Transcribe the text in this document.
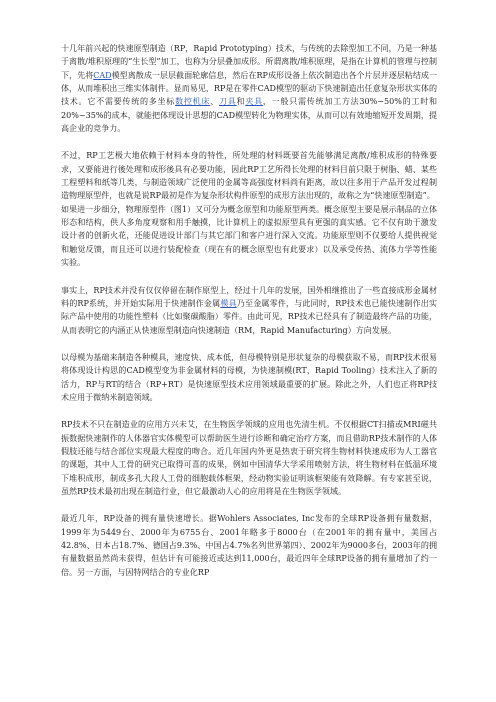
十几年前兴起的快速原型制造（RP，Rapid Prototyping）技术，与传统的去除型加工不同，乃是一种基于离散/堆积原理的“生长型”加工，也称为分层叠加成形。所谓离散/堆积原理，是指在计算机的管理与控制下，先将CAD模型离散成一层层截面轮廓信息，然后在RP成形设备上依次制造出各个片层并逐层粘结成一体，从而堆积出三维实体制件。显而易见，RP是在零件CAD模型的驱动下快速制造出任意复杂形状实体的技术。它不需要传统的多坐标数控机床、刀具和夹具，一般只需传统加工方法30%~50%的工时和20%~35%的成本，就能把体现设计思想的CAD模型转化为物理实体，从而可以有效地缩短开发周期，提高企业的竞争力。

不过，RP工艺极大地依赖于材料本身的特性，所处理的材料既要首先能够满足离散/堆积成形的特殊要求，又要能进行後处理和成形後具有必要功能，因此RP工艺所得长处理的材料目前只限于树脂、蜡、某些工程塑料和纸等几类，与制造领域广泛使用的金属等高强度材料尚有距离，故以往多用于产品开发过程制造物理原型件，也就是说RP最初是作为复杂形状构件原型的成形方法出现的，故称之为“快速原型制造”。

如果进一步细分，物理原型件（图1）又可分为概念原型和功能原型两类。概念原型主要是展示制品的立体形态和结构，供人多角度观察和用手触摸，比计算机上的虚拟原型具有更强的真实感。它不仅有助于激发设计者的创新火花，还能促进设计部门与其它部门和客户进行深入交流。功能原型则不仅要给人提供视觉和触觉反馈，而且还可以进行装配检查（现在有的概念原型也有此要求）以及承受传热、流体力学等性能实验。

事实上，RP技术并没有仅仅停留在制作原型上，经过十几年的发展，国外相继推出了一些直接成形金属材料的RP系统，并开始实际用于快速制作金属模具乃至金属零件，与此同时，RP技术也已能快速制作出实际产品中使用的功能性塑料（比如聚碳酸脂）零件。由此可见，RP技术已经具有了制造最终产品的功能，从而表明它的内涵正从快速原型制造向快速制造（RM，Rapid Manufacturing）方向发展。

以母模为基础来制造各种模具，速度快、成本低，但母模特别是形状复杂的母模获取不易，而RP技术很易将体现设计构思的CAD模型变为非金属材料的母模，为快速制模(RT，Rapid Tooling）技术注入了新的活力，RP与RT的结合（RP+RT）是快速原型技术应用领域最重要的扩展。除此之外，人们也正将RP技术应用于微纳米制造领域。

RP技术不只在制造业的应用方兴未艾，在生物医学领域的应用也先清生机。不仅根据CT扫描或MRI磁共振数据快速制作的人体器官实体模型可以帮助医生进行诊断和确定治疗方案，而且借助RP技术制作的人体假肢还能与结合部位实现最大程度的吻合。近几年国内外更是热衷于研究将生物材料快速成形为人工器官的课题，其中人工骨的研究已取得可喜的成果，例如中国清华大学采用喷射方法，将生物材料在低温环境下堆积成形，制成多孔大段人工骨的细胞载体框架，经动物实验证明该框架能有效降解。有专家甚至说，虽然RP技术最初出现在制造行业，但它最激动人心的应用将是在生物医学领域。

最近几年，RP设备的拥有量快速增长。据Wohlers Associates, Inc发布的全球RP设备拥有量数据，1999年为5449台、2000年为6755台、2001年略多于8000台（在2001年的拥有量中，美国占42.8%、日本占18.7%、德国占9.3%、中国占4.7%名列世界第四）、2002年为9000多台，2003年的拥有量数据虽然尚未获得，但估计有可能接近或达到11,000台，最近四年全球RP设备的拥有量增加了约一倍。另一方面，与因特网结合的专业化RP
